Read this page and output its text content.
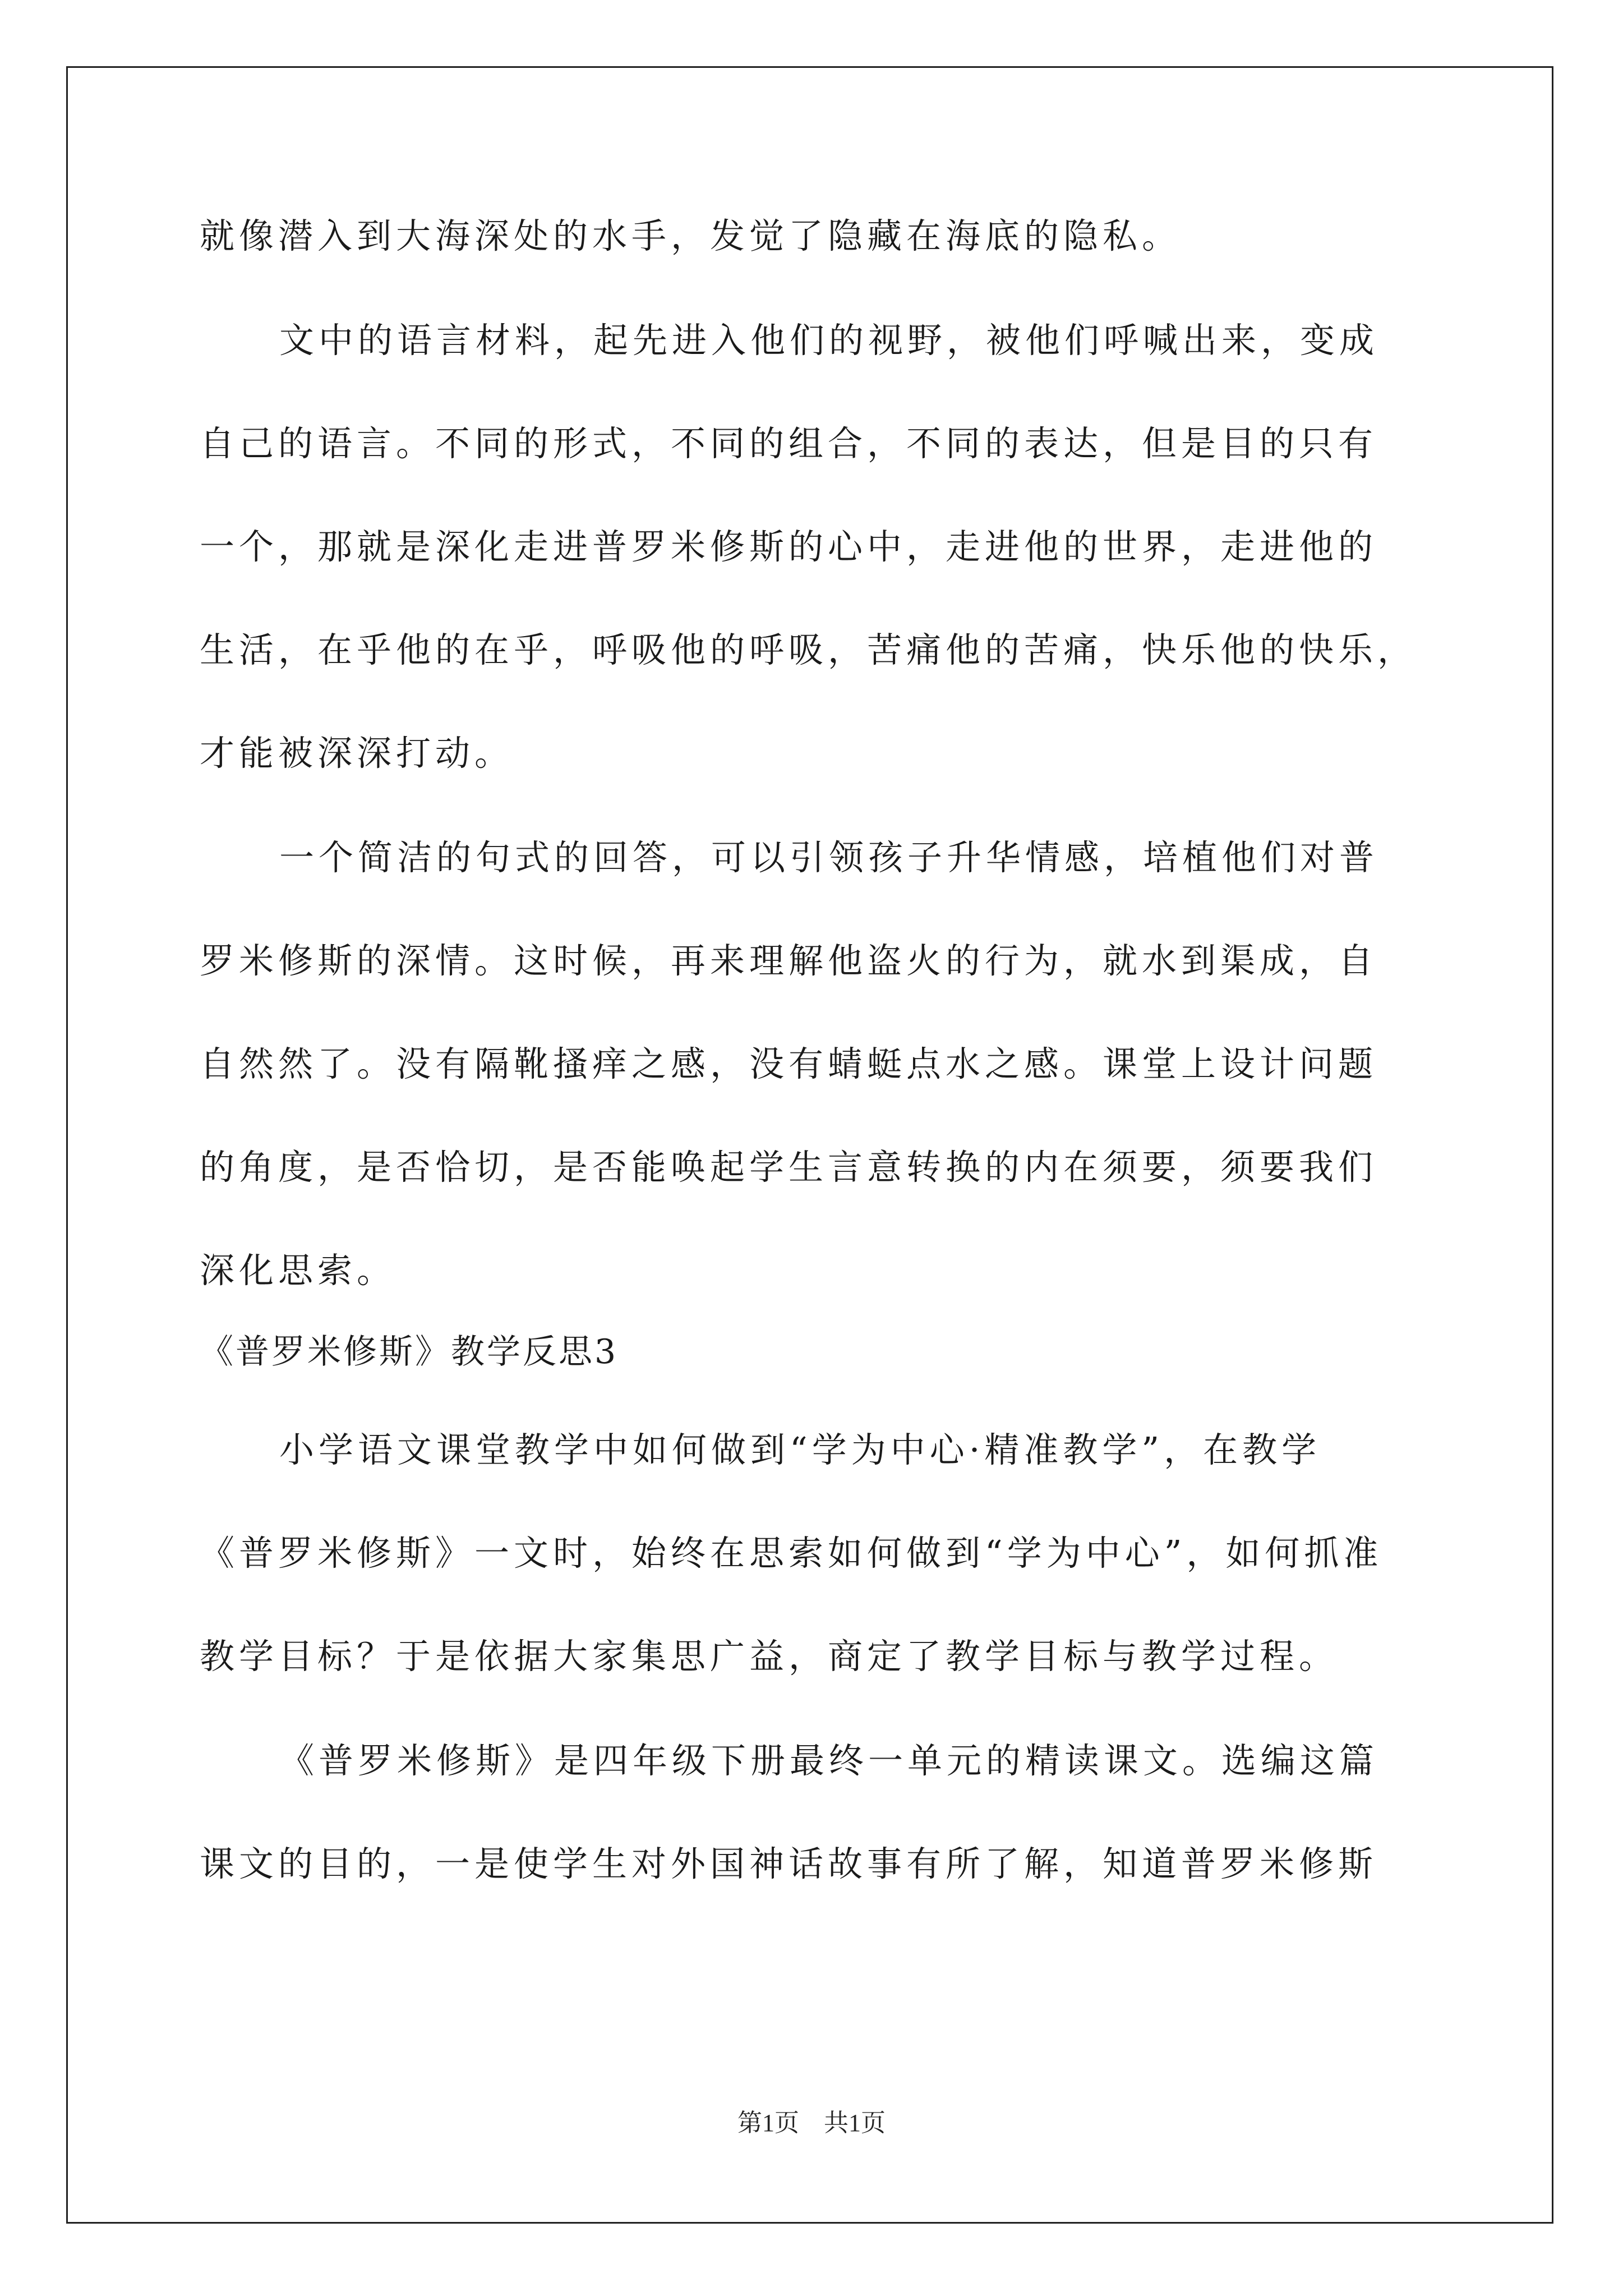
就像潜入到大海深处的水手，发觉了隐藏在海底的隐私。
文中的语言材料，起先进入他们的视野，被他们呼喊出来，变成
自己的语言。不同的形式，不同的组合，不同的表达，但是目的只有
一个，那就是深化走进普罗米修斯的心中，走进他的世界，走进他的
生活，在乎他的在乎，呼吸他的呼吸，苦痛他的苦痛，快乐他的快乐，
才能被深深打动。
一个简洁的句式的回答，可以引领孩子升华情感，培植他们对普
罗米修斯的深情。这时候，再来理解他盗火的行为，就水到渠成，自
自然然了。没有隔靴搔痒之感，没有蜻蜓点水之感。课堂上设计问题
的角度，是否恰切，是否能唤起学生言意转换的内在须要，须要我们
深化思索。
《普罗米修斯》教学反思3
小学语文课堂教学中如何做到“学为中心·精准教学”，在教学
《普罗米修斯》一文时，始终在思索如何做到“学为中心”，如何抓准
教学目标？于是依据大家集思广益，商定了教学目标与教学过程。
《普罗米修斯》是四年级下册最终一单元的精读课文。选编这篇
课文的目的，一是使学生对外国神话故事有所了解，知道普罗米修斯
第1页　共1页
